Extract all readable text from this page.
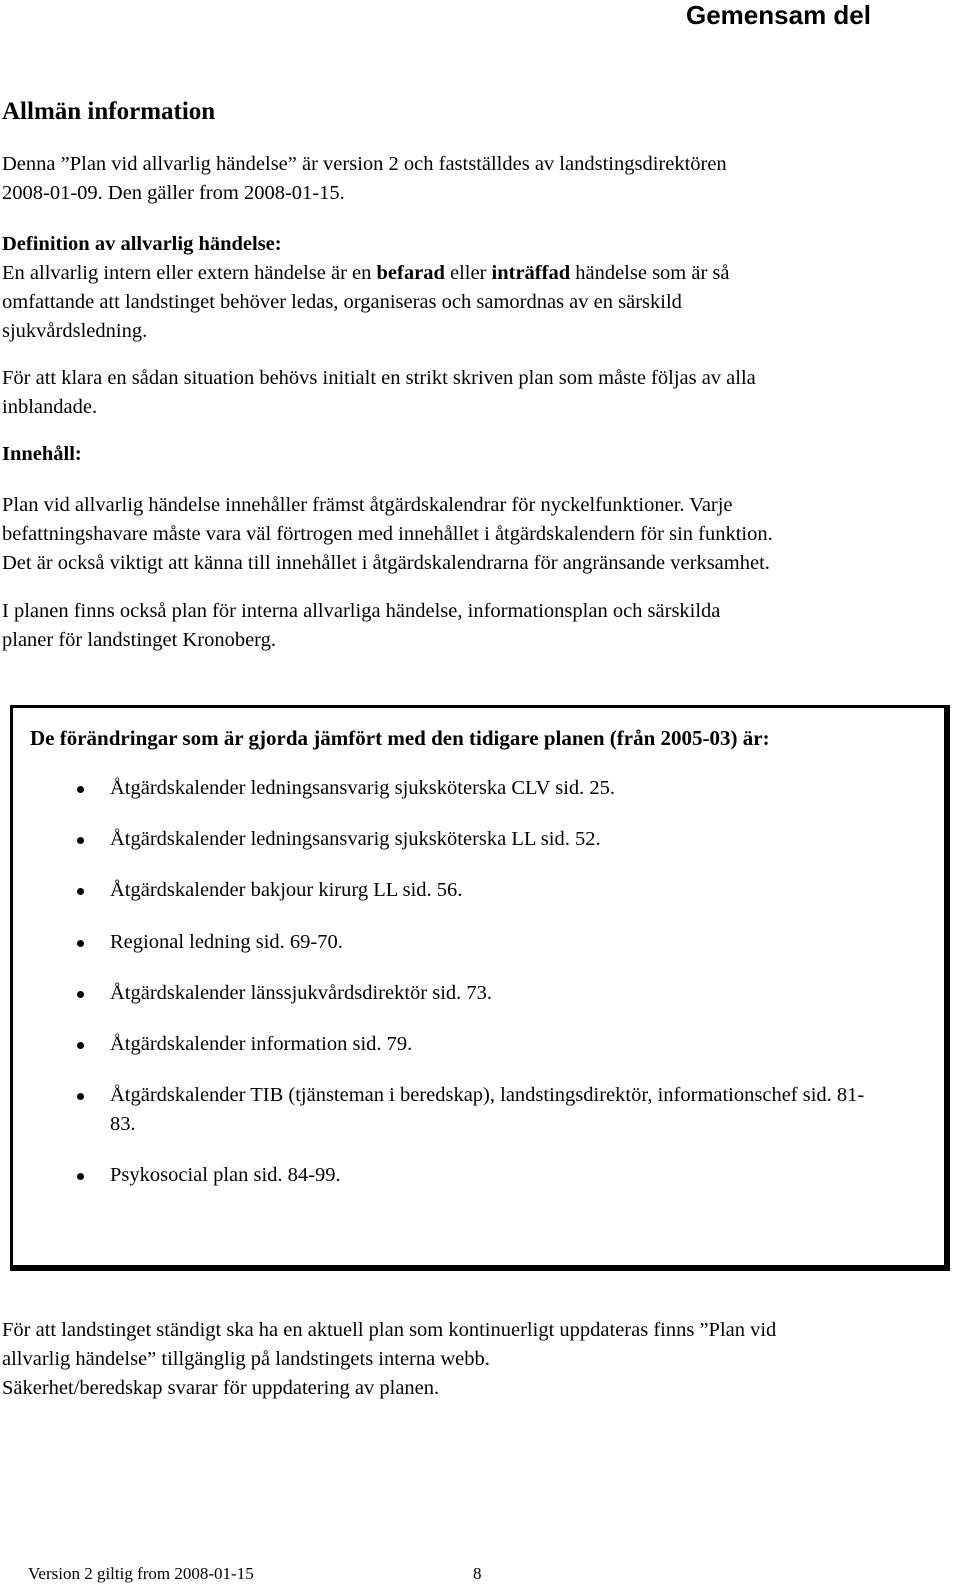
Gemensam del
Allmän information
Denna ”Plan vid allvarlig händelse” är version 2 och fastställdes av landstingsdirektören
2008-01-09. Den gäller from 2008-01-15.
Definition av allvarlig händelse:
En allvarlig intern eller extern händelse är en befarad eller inträffad händelse som är så
omfattande att landstinget behöver ledas, organiseras och samordnas av en särskild
sjukvårdsledning.
För att klara en sådan situation behövs initialt en strikt skriven plan som måste följas av alla
inblandade.
Innehåll:
Plan vid allvarlig händelse innehåller främst åtgärdskalendrar för nyckelfunktioner. Varje
befattningshavare måste vara väl förtrogen med innehållet i åtgärdskalendern för sin funktion.
Det är också viktigt att känna till innehållet i åtgärdskalendrarna för angränsande verksamhet.
I planen finns också plan för interna allvarliga händelse, informationsplan och särskilda
planer för landstinget Kronoberg.
De förändringar som är gjorda jämfört med den tidigare planen (från 2005-03) är:
Åtgärdskalender ledningsansvarig sjuksköterska CLV sid. 25.
Åtgärdskalender ledningsansvarig sjuksköterska LL sid. 52.
Åtgärdskalender bakjour kirurg LL sid. 56.
Regional ledning sid. 69-70.
Åtgärdskalender länssjukvårdsdirektör sid. 73.
Åtgärdskalender information sid. 79.
Åtgärdskalender TIB (tjänsteman i beredskap), landstingsdirektör, informationschef sid. 81-83.
Psykosocial plan sid. 84-99.
För att landstinget ständigt ska ha en aktuell plan som kontinuerligt uppdateras finns ”Plan vid
allvarlig händelse” tillgänglig på landstingets interna webb.
Säkerhet/beredskap svarar för uppdatering av planen.
Version 2 giltig from 2008-01-15	8
